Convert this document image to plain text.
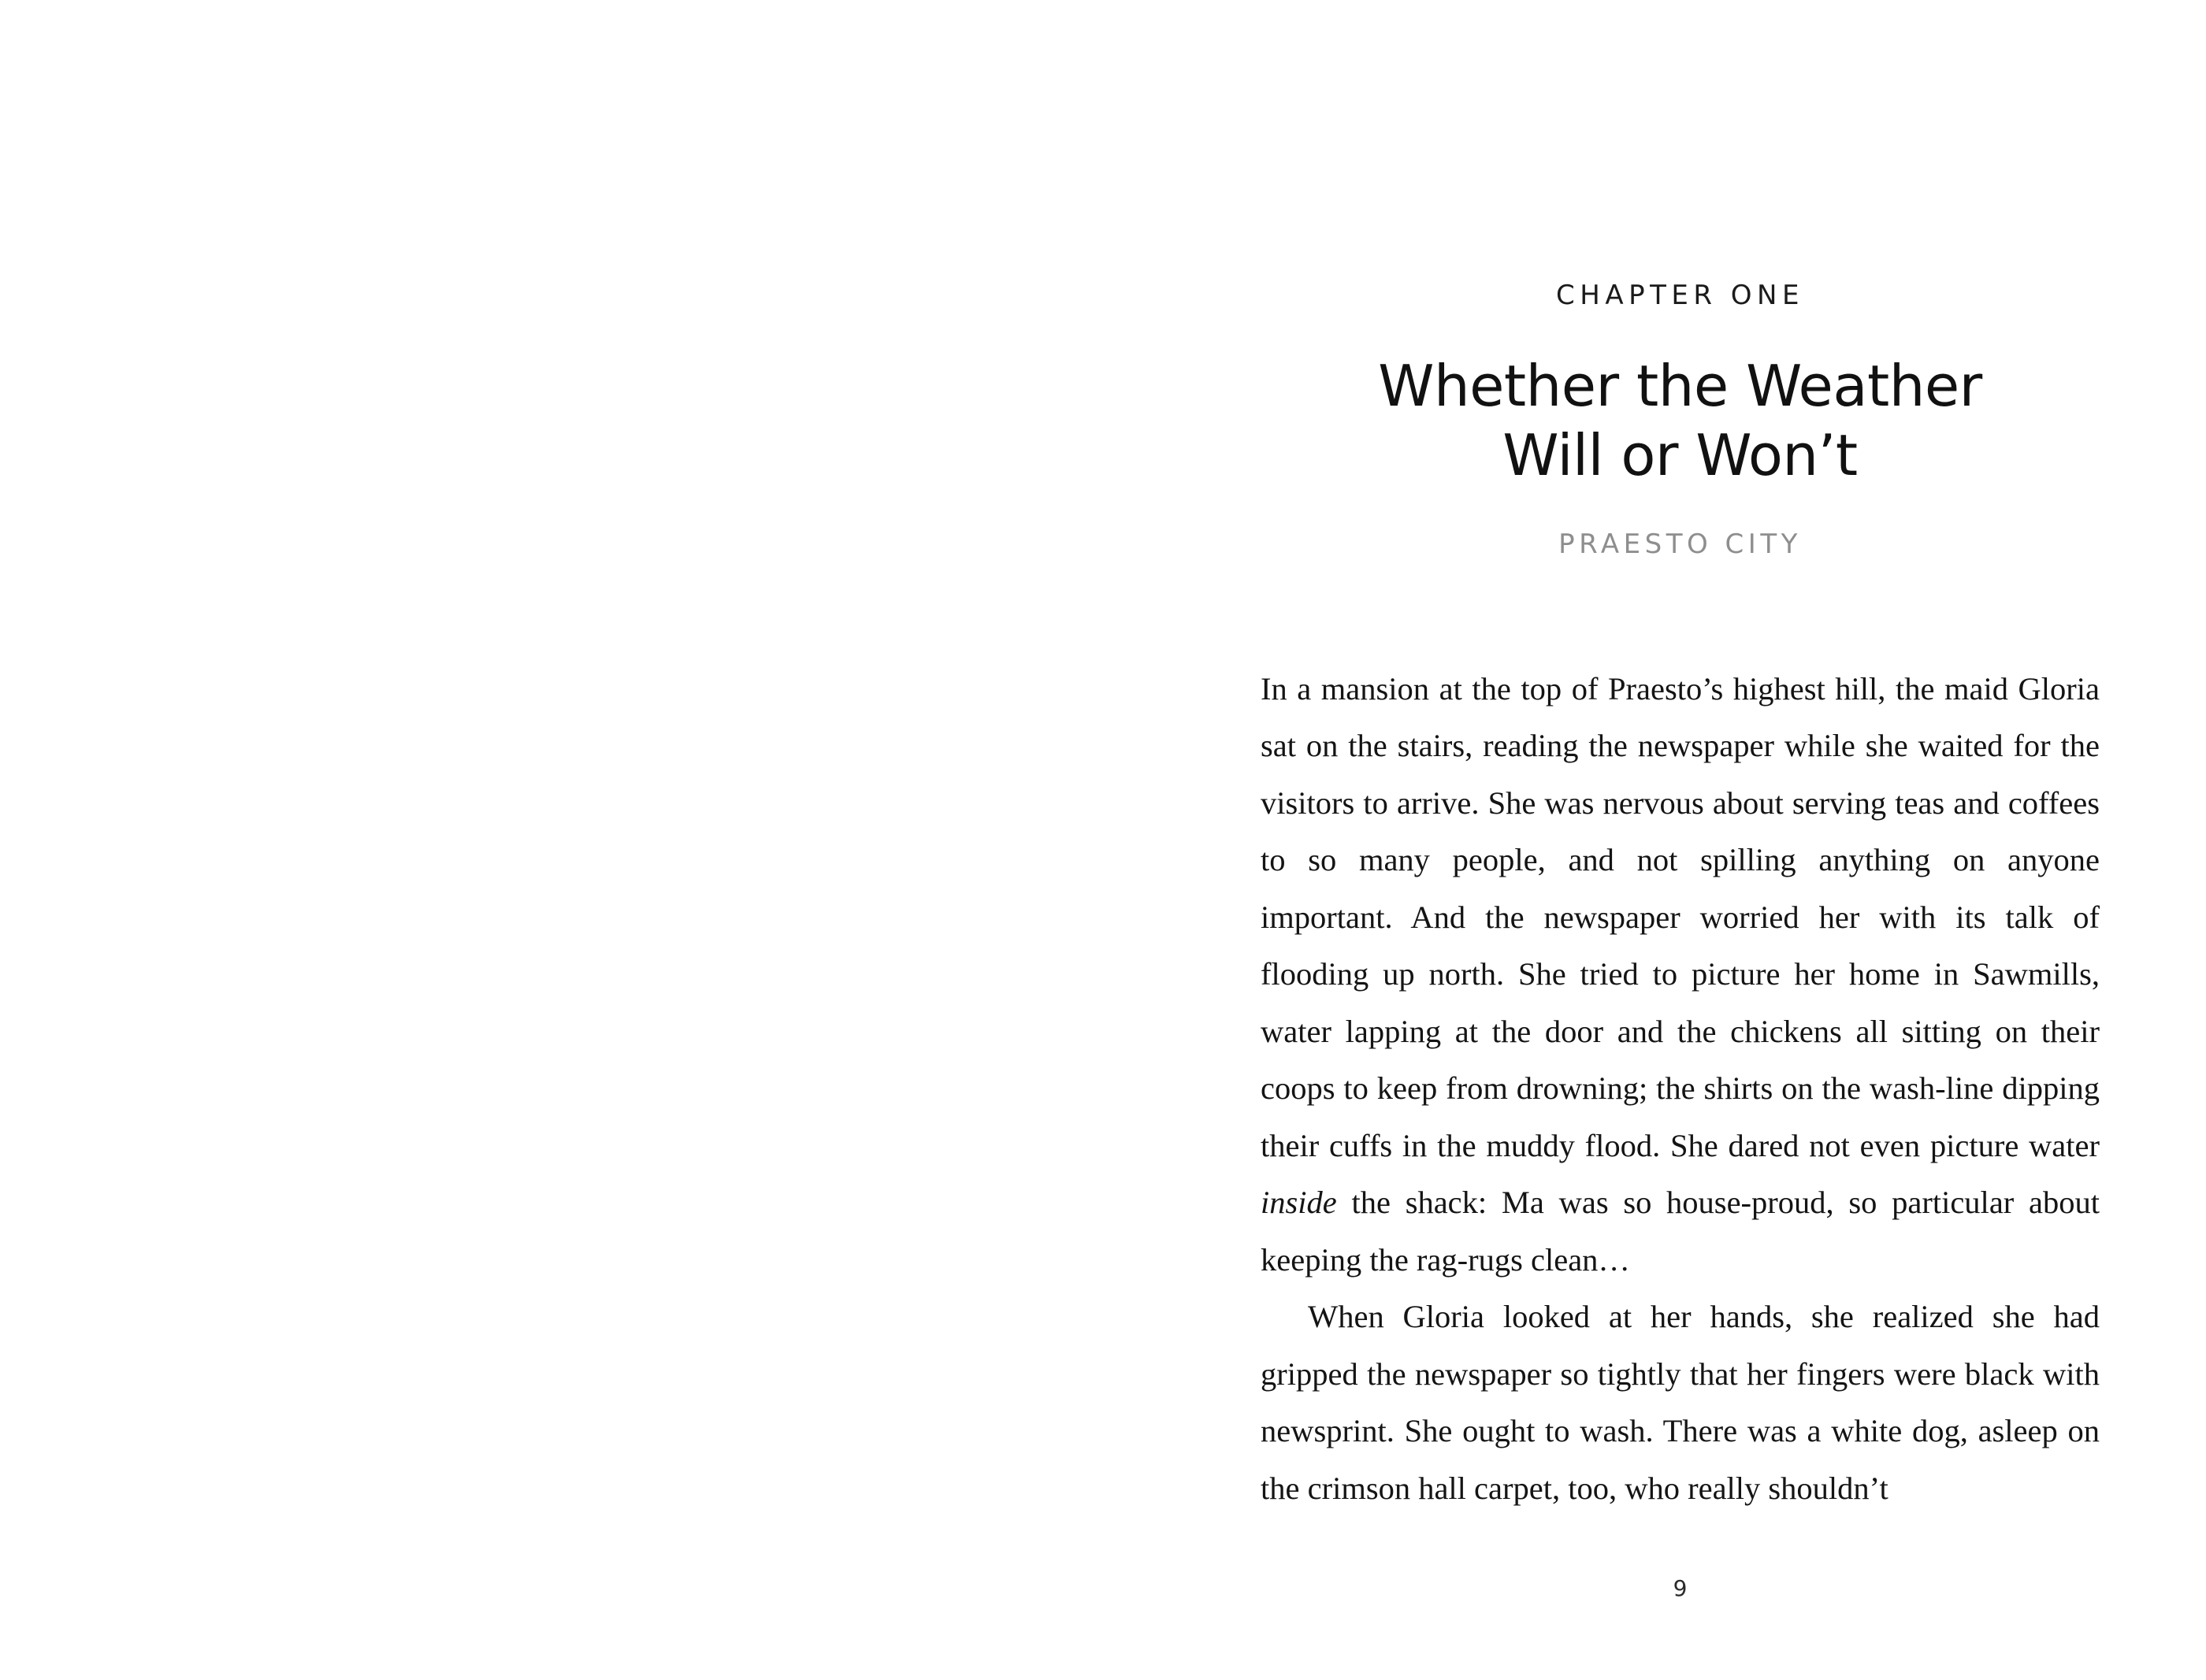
CHAPTER ONE
Whether the Weather
Will or Won’t
PRAESTO CITY

In a mansion at the top of Praesto’s highest hill, the maid Gloria sat on the stairs, reading the newspaper while she waited for the visitors to arrive. She was nervous about serving teas and coffees to so many people, and not spilling anything on anyone important. And the newspaper worried her with its talk of flooding up north. She tried to picture her home in Sawmills, water lapping at the door and the chickens all sitting on their coops to keep from drowning; the shirts on the wash-line dipping their cuffs in the muddy flood. She dared not even picture water inside the shack: Ma was so house-proud, so particular about keeping the rag-rugs clean…

When Gloria looked at her hands, she realized she had gripped the newspaper so tightly that her fingers were black with newsprint. She ought to wash. There was a white dog, asleep on the crimson hall carpet, too, who really shouldn’t

9
